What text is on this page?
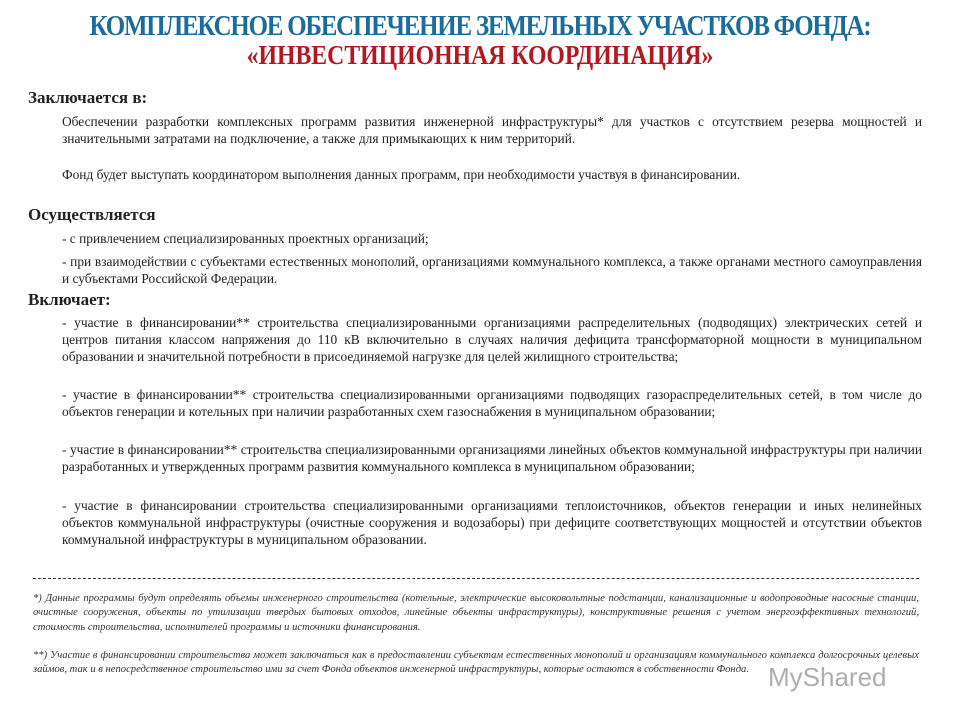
КОМПЛЕКСНОЕ ОБЕСПЕЧЕНИЕ ЗЕМЕЛЬНЫХ УЧАСТКОВ ФОНДА:
«ИНВЕСТИЦИОННАЯ КООРДИНАЦИЯ»
Заключается в:
Обеспечении разработки комплексных программ развития инженерной инфраструктуры* для участков с отсутствием резерва мощностей и значительными затратами на подключение, а также для примыкающих к ним территорий.
Фонд будет выступать координатором выполнения данных программ, при необходимости участвуя в финансировании.
Осуществляется
- с привлечением специализированных проектных организаций;
- при взаимодействии с субъектами естественных монополий, организациями коммунального комплекса, а также органами местного самоуправления и субъектами Российской Федерации.
Включает:
- участие в финансировании** строительства специализированными организациями распределительных (подводящих) электрических сетей и центров питания классом напряжения до 110 кВ включительно в случаях наличия дефицита трансформаторной мощности в муниципальном образовании и значительной потребности в присоединяемой нагрузке для целей жилищного строительства;
- участие в финансировании** строительства специализированными организациями подводящих газораспределительных сетей, в том числе до объектов генерации и котельных при наличии разработанных схем газоснабжения в муниципальном образовании;
- участие в финансировании** строительства специализированными организациями линейных объектов коммунальной инфраструктуры при наличии разработанных и утвержденных программ развития коммунального комплекса в муниципальном образовании;
- участие в финансировании строительства специализированными организациями теплоисточников, объектов генерации и иных нелинейных объектов коммунальной инфраструктуры (очистные сооружения и водозаборы) при дефиците соответствующих мощностей и отсутствии объектов коммунальной инфраструктуры в муниципальном образовании.
*) Данные программы будут определять объемы инженерного строительства (котельные, электрические высоковольтные подстанции, канализационные и водопроводные насосные станции, очистные сооружения, объекты по утилизации твердых бытовых отходов, линейные объекты инфраструктуры), конструктивные решения с учетом энергоэффективных технологий, стоимость строительства, исполнителей программы и источники финансирования.
**) Участие в финансировании строительства может заключаться как в предоставлении субъектам естественных монополий и организациям коммунального комплекса долгосрочных целевых займов, так и в непосредственное строительство ими за счет Фонда объектов инженерной инфраструктуры, которые остаются в собственности Фонда. MyShared
